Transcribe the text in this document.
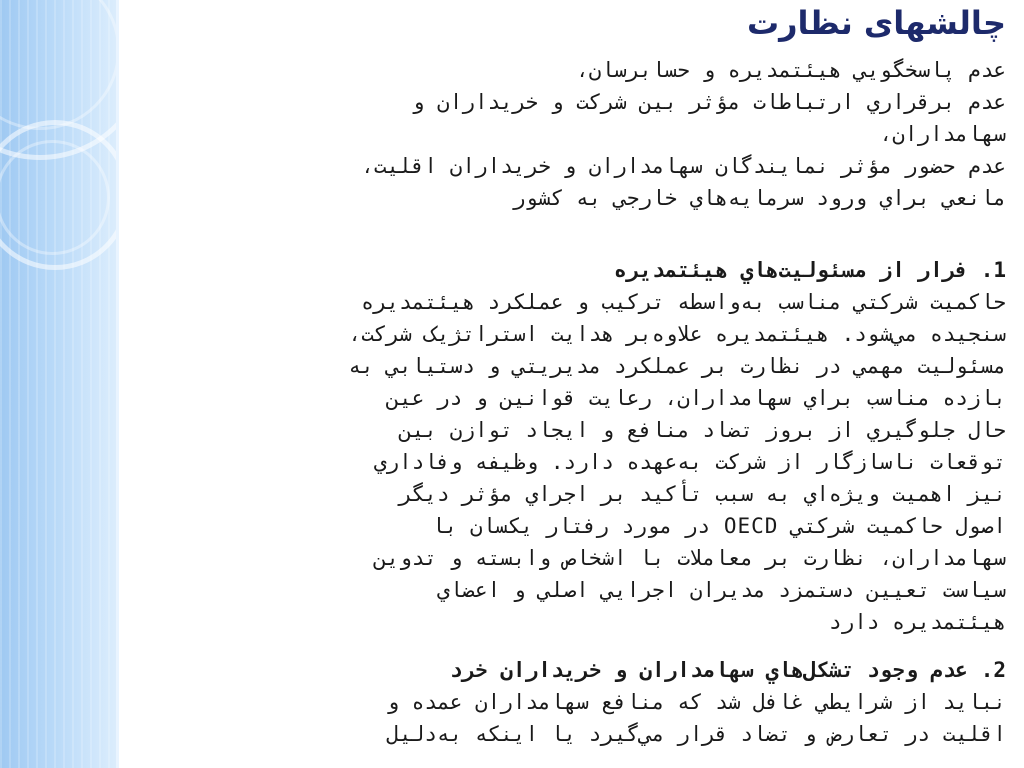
چالشهای نظارت
عدم پاسخگويي هيئتمديره و حسابرسان،
عدم برقراري ارتباطات مؤثر بين شركت و خريداران و
سهامداران،
عدم حضور مؤثر نمايندگان سهامداران و خريداران اقليت،
مانعي براي ورود سرمايه‌هاي خارجي به كشور
1. فرار از مسئوليت‌هاي هيئتمديره
حاكميت شركتي مناسب به‌واسطه تركيب و عملكرد هيئتمديره
سنجيده مي‌شود. هيئتمديره علاوه‌بر هدايت استراتژيک شرکت،
مسئوليت مهمي در نظارت بر عملكرد مديريتي و دستيابي به
بازده مناسب براي سهامداران، رعايت قوانين و در عين
حال جلوگيري از بروز تضاد منافع و ايجاد توازن بين
توقعات ناسازگار از شركت به‌عهده دارد. وظيفه وفاداري
نيز اهميت ويژه‌اي به سبب تأكيد بر اجراي مؤثر ديگر
اصول حاكميت شركتي OECD در مورد رفتار يكسان با
سهامداران، نظارت بر معاملات با اشخاص وابسته و تدوين
سياست تعيين دستمزد مديران اجرايي اصلي و اعضاي
هيئتمديره دارد
2. عدم وجود تشكل‌هاي سهامداران و خريداران خرد
نبايد از شرايطي غافل شد كه منافع سهامداران عمده و
اقليت در تعارض و تضاد قرار مي‌گيرد يا اينكه به‌دليل
